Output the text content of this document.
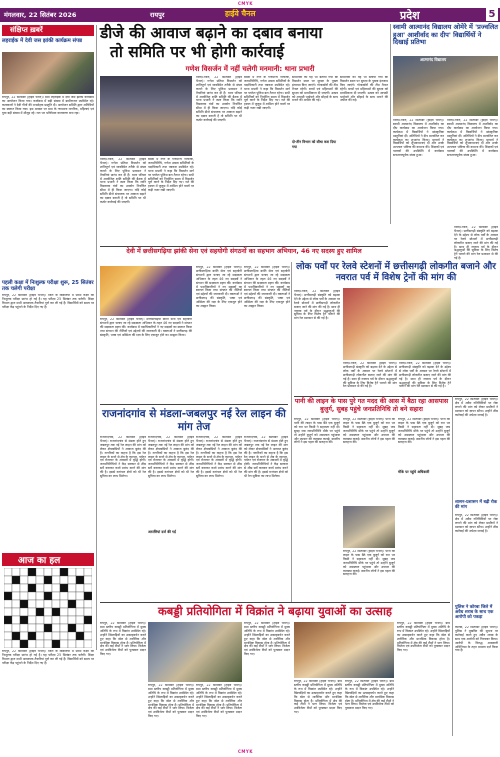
CMYK
मंगलवार, 22 सितंबर 2026	रायपुर	हाईवे चैनल	प्रदेश	5
संक्षिप्त ख़बरें
लहराईक में देवी जस झांकी कार्यक्रम संपन्न
रायपुर, 22 सितम्बर (हाईवे चैनल)। ग्राम लहराईक में देवी जस झांकी कार्यक्रम का आयोजन किया गया। कार्यक्रम में बड़ी संख्या में ग्रामीणजन उपस्थित रहे। कलाकारों ने देवी गीतों की मनमोहक प्रस्तुति दी। आयोजन समिति द्वारा अतिथियों का स्वागत किया गया। इस अवसर पर ग्राम के गणमान्य नागरिक, महिलाएं एवं युवा बड़ी संख्या में मौजूद रहे। रात भर भक्तिमय वातावरण बना रहा।
पहली कक्षा में निःशुल्क परीक्षा शुरू, 25 सितंबर तक चलेगी परीक्षा
रायपुर, 22 सितम्बर (हाईवे चैनल)। जिले के विद्यालयों में प्रथम कक्षा की निःशुल्क परीक्षा प्रारंभ हो गई है। यह परीक्षा 25 सितंबर तक चलेगी। शिक्षा विभाग द्वारा सभी आवश्यक तैयारियां पूर्ण कर ली गई हैं। विद्यार्थियों को समय पर परीक्षा केंद्र पहुंचने के निर्देश दिए गए हैं।
आज का हल
डीजे की आवाज बढ़ाने का दबाव बनाया
तो समिति पर भी होगी कार्रवाई
गणेश विसर्जन में नहीं चलेगी मनमानी: थाना प्रभारी
तिल्दा-नेवरा, 22 सितम्बर (हाईवे चैनल)। गणेश प्रतिमा विसर्जन को शांतिपूर्ण एवं व्यवस्थित तरीके से संपन्न कराने के लिए पुलिस प्रशासन ने तैयारियां प्रारंभ कर दी हैं। थाना परिसर में आयोजित शांति समिति की बैठक में थाना प्रभारी ने स्पष्ट किया कि ध्वनि विस्तारक यंत्रों का उपयोग निर्धारित सीमा में ही किया जाएगा। यदि कोई समिति डीजे संचालक पर आवाज बढ़ाने का दबाव बनाती है तो समिति पर भी कठोर कार्रवाई की जाएगी।
बैठक में नगर के गणमान्य नागरिक, जनप्रतिनिधि, गणेश उत्सव समितियों के पदाधिकारी तथा पत्रकार उपस्थित रहे। थाना प्रभारी ने कहा कि विसर्जन मार्ग पर पर्याप्त पुलिस बल तैनात रहेगा। सभी समितियों को निर्धारित समय में विसर्जन पूर्ण करने के निर्देश दिए गए। नशे की हालत में जुलूस में शामिल होने वालों पर कड़ी नजर रखी जाएगी।
तिल्दा-नेवरा, 22 सितम्बर (हाईवे चैनल)। गणेश प्रतिमा विसर्जन को शांतिपूर्ण एवं व्यवस्थित तरीके से संपन्न कराने के लिए पुलिस प्रशासन ने तैयारियां प्रारंभ कर दी हैं। थाना परिसर में आयोजित शांति समिति की बैठक में थाना प्रभारी ने स्पष्ट किया कि ध्वनि विस्तारक यंत्रों का उपयोग निर्धारित सीमा में ही किया जाएगा। यदि कोई समिति डीजे संचालक पर आवाज बढ़ाने का दबाव बनाती है तो समिति पर भी कठोर कार्रवाई की जाएगी।
बैठक में नगर के गणमान्य नागरिक, जनप्रतिनिधि, गणेश उत्सव समितियों के पदाधिकारी तथा पत्रकार उपस्थित रहे। थाना प्रभारी ने कहा कि विसर्जन मार्ग पर पर्याप्त पुलिस बल तैनात रहेगा। सभी समितियों को निर्धारित समय में विसर्जन पूर्ण करने के निर्देश दिए गए। नशे की हालत में जुलूस में शामिल होने वालों पर कड़ी नजर रखी जाएगी।
समितियों को यह भी बताया गया कि विसर्जन स्थल पर सुरक्षा के पुख्ता इंतजाम किए जाएंगे। गोताखोरों की टीम तैनात रहेगी। बच्चों एवं महिलाओं की सुरक्षा को प्राथमिकता दी जाएगी। उत्सव को आपसी भाईचारे और सौहार्द के साथ मनाने की अपील की गई।
समितियों को यह भी बताया गया कि विसर्जन स्थल पर सुरक्षा के पुख्ता इंतजाम किए जाएंगे। गोताखोरों की टीम तैनात रहेगी। बच्चों एवं महिलाओं की सुरक्षा को प्राथमिकता दी जाएगी। उत्सव को आपसी भाईचारे और सौहार्द के साथ मनाने की अपील की गई।
दो-तीन विभाग को सीधा करा दिया गया
स्वामी आत्मानंद विद्यालय ओमेरे में 'प्रज्वलित हुआ' आशीर्वाद का दीप' विद्यार्थियों ने दिखाई प्रतिभा
आत्मानंद विद्यालय
तिल्दा-नेवरा, 22 सितम्बर (हाईवे चैनल)। स्वामी आत्मानंद विद्यालय में आशीर्वाद का दीप कार्यक्रम का आयोजन किया गया। कार्यक्रम में विद्यार्थियों ने सांस्कृतिक प्रस्तुतियां दीं। अतिथियों ने दीप प्रज्वलित कर कार्यक्रम का शुभारंभ किया। प्राचार्य ने विद्यार्थियों को शुभकामनाएं दीं और उनके उज्ज्वल भविष्य की कामना की। शिक्षकों एवं पालकों की उपस्थिति में कार्यक्रम सफलतापूर्वक संपन्न हुआ।
तिल्दा-नेवरा, 22 सितम्बर (हाईवे चैनल)। स्वामी आत्मानंद विद्यालय में आशीर्वाद का दीप कार्यक्रम का आयोजन किया गया। कार्यक्रम में विद्यार्थियों ने सांस्कृतिक प्रस्तुतियां दीं। अतिथियों ने दीप प्रज्वलित कर कार्यक्रम का शुभारंभ किया। प्राचार्य ने विद्यार्थियों को शुभकामनाएं दीं और उनके उज्ज्वल भविष्य की कामना की। शिक्षकों एवं पालकों की उपस्थिति में कार्यक्रम सफलतापूर्वक संपन्न हुआ।
देवी में छत्तीसगढ़िया झांकी सेना एवं सहयोगी संगठनों का सहभाग अभियान, 46 नए सदस्य हुए शामिल
रायपुर, 22 सितम्बर (हाईवे चैनल)। छत्तीसगढ़िया क्रांति सेना एवं सहयोगी संगठनों द्वारा चलाए जा रहे सदस्यता अभियान के तहत 46 नए सदस्यों ने संगठन की सदस्यता ग्रहण की। कार्यक्रम में पदाधिकारियों ने नए सदस्यों का स्वागत किया तथा संगठन की नीतियों एवं उद्देश्यों की जानकारी दी। वक्ताओं ने छत्तीसगढ़ की संस्कृति, भाषा एवं अस्मिता की रक्षा के लिए एकजुट होने का आह्वान किया।
रायपुर, 22 सितम्बर (हाईवे चैनल)। छत्तीसगढ़िया क्रांति सेना एवं सहयोगी संगठनों द्वारा चलाए जा रहे सदस्यता अभियान के तहत 46 नए सदस्यों ने संगठन की सदस्यता ग्रहण की। कार्यक्रम में पदाधिकारियों ने नए सदस्यों का स्वागत किया तथा संगठन की नीतियों एवं उद्देश्यों की जानकारी दी। वक्ताओं ने छत्तीसगढ़ की संस्कृति, भाषा एवं अस्मिता की रक्षा के लिए एकजुट होने का आह्वान किया।
रायपुर, 22 सितम्बर (हाईवे चैनल)। छत्तीसगढ़िया क्रांति सेना एवं सहयोगी संगठनों द्वारा चलाए जा रहे सदस्यता अभियान के तहत 46 नए सदस्यों ने संगठन की सदस्यता ग्रहण की। कार्यक्रम में पदाधिकारियों ने नए सदस्यों का स्वागत किया तथा संगठन की नीतियों एवं उद्देश्यों की जानकारी दी। वक्ताओं ने छत्तीसगढ़ की संस्कृति, भाषा एवं अस्मिता की रक्षा के लिए एकजुट होने का आह्वान किया।
राजनांदगांव से मंडला-जबलपुर नई रेल लाइन की मांग तेज
राजनांदगांव, 22 सितम्बर (हाईवे चैनल)। राजनांदगांव से मंडला होते हुए जबलपुर तक नई रेल लाइन की मांग को लेकर क्षेत्रवासियों ने आवाज बुलंद की है। नागरिकों का कहना है कि इस रेल लाइन के बनने से क्षेत्र के व्यापार, पर्यटन एवं रोजगार के अवसरों में वृद्धि होगी। जनप्रतिनिधियों ने केंद्र सरकार से शीघ्र सर्वे कराकर कार्य प्रारंभ करने की मांग की है। इससे वनांचल क्षेत्रों को भी रेल सुविधा का लाभ मिलेगा।
राजनांदगांव, 22 सितम्बर (हाईवे चैनल)। राजनांदगांव से मंडला होते हुए जबलपुर तक नई रेल लाइन की मांग को लेकर क्षेत्रवासियों ने आवाज बुलंद की है। नागरिकों का कहना है कि इस रेल लाइन के बनने से क्षेत्र के व्यापार, पर्यटन एवं रोजगार के अवसरों में वृद्धि होगी। जनप्रतिनिधियों ने केंद्र सरकार से शीघ्र सर्वे कराकर कार्य प्रारंभ करने की मांग की है। इससे वनांचल क्षेत्रों को भी रेल सुविधा का लाभ मिलेगा।
राजनांदगांव, 22 सितम्बर (हाईवे चैनल)। राजनांदगांव से मंडला होते हुए जबलपुर तक नई रेल लाइन की मांग को लेकर क्षेत्रवासियों ने आवाज बुलंद की है। नागरिकों का कहना है कि इस रेल लाइन के बनने से क्षेत्र के व्यापार, पर्यटन एवं रोजगार के अवसरों में वृद्धि होगी। जनप्रतिनिधियों ने केंद्र सरकार से शीघ्र सर्वे कराकर कार्य प्रारंभ करने की मांग की है। इससे वनांचल क्षेत्रों को भी रेल सुविधा का लाभ मिलेगा।
राजनांदगांव, 22 सितम्बर (हाईवे चैनल)। राजनांदगांव से मंडला होते हुए जबलपुर तक नई रेल लाइन की मांग को लेकर क्षेत्रवासियों ने आवाज बुलंद की है। नागरिकों का कहना है कि इस रेल लाइन के बनने से क्षेत्र के व्यापार, पर्यटन एवं रोजगार के अवसरों में वृद्धि होगी। जनप्रतिनिधियों ने केंद्र सरकार से शीघ्र सर्वे कराकर कार्य प्रारंभ करने की मांग की है। इससे वनांचल क्षेत्रों को भी रेल सुविधा का लाभ मिलेगा।
आपत्तियां दर्ज की गई
लोक पर्वों पर रेलवे स्टेशनों में छत्तीसगढ़ी लोकगीत बजाने और नवरात पर्व में विशेष ट्रेनों की मांग की
तिल्दा-नेवरा, 22 सितम्बर (हाईवे चैनल)। छत्तीसगढ़ी संस्कृति को बढ़ावा देने के उद्देश्य से लोक पर्वों के अवसर पर रेलवे स्टेशनों में छत्तीसगढ़ी लोकगीत बजाए जाने की मांग की गई है। साथ ही नवरात्र पर्व के दौरान श्रद्धालुओं की सुविधा के लिए विशेष ट्रेनें चलाने की मांग रेल प्रशासन से की गई है।
तिल्दा-नेवरा, 22 सितम्बर (हाईवे चैनल)। छत्तीसगढ़ी संस्कृति को बढ़ावा देने के उद्देश्य से लोक पर्वों के अवसर पर रेलवे स्टेशनों में छत्तीसगढ़ी लोकगीत बजाए जाने की मांग की गई है। साथ ही नवरात्र पर्व के दौरान श्रद्धालुओं की सुविधा के लिए विशेष ट्रेनें चलाने की मांग रेल प्रशासन से की गई है।
तिल्दा-नेवरा, 22 सितम्बर (हाईवे चैनल)। छत्तीसगढ़ी संस्कृति को बढ़ावा देने के उद्देश्य से लोक पर्वों के अवसर पर रेलवे स्टेशनों में छत्तीसगढ़ी लोकगीत बजाए जाने की मांग की गई है। साथ ही नवरात्र पर्व के दौरान श्रद्धालुओं की सुविधा के लिए विशेष ट्रेनें चलाने की मांग रेल प्रशासन से की गई है।
तिल्दा-नेवरा, 22 सितम्बर (हाईवे चैनल)। छत्तीसगढ़ी संस्कृति को बढ़ावा देने के उद्देश्य से लोक पर्वों के अवसर पर रेलवे स्टेशनों में छत्तीसगढ़ी लोकगीत बजाए जाने की मांग की गई है। साथ ही नवरात्र पर्व के दौरान श्रद्धालुओं की सुविधा के लिए विशेष ट्रेनें चलाने की मांग रेल प्रशासन से की गई है।
पानी की लाइन के पास पुरे गत मदद की आस में बैठा रहा आसपास बुजुर्ग, सुबह पहुंचे जनप्रतिनिधि तो बने सहारा
रायपुर, 22 सितम्बर (हाईवे चैनल)। पानी की लाइन के पास बैठे एक बुजुर्ग को रात भर किसी ने सहायता नहीं दी। सुबह जब जनप्रतिनिधि मौके पर पहुंचे तो उन्होंने बुजुर्ग को अस्पताल पहुंचाया और उपचार की व्यवस्था कराई। स्थानीय लोगों ने इस पहल की सराहना की।
रायपुर, 22 सितम्बर (हाईवे चैनल)। पानी की लाइन के पास बैठे एक बुजुर्ग को रात भर किसी ने सहायता नहीं दी। सुबह जब जनप्रतिनिधि मौके पर पहुंचे तो उन्होंने बुजुर्ग को अस्पताल पहुंचाया और उपचार की व्यवस्था कराई। स्थानीय लोगों ने इस पहल की सराहना की।
रायपुर, 22 सितम्बर (हाईवे चैनल)। पानी की लाइन के पास बैठे एक बुजुर्ग को रात भर किसी ने सहायता नहीं दी। सुबह जब जनप्रतिनिधि मौके पर पहुंचे तो उन्होंने बुजुर्ग को अस्पताल पहुंचाया और उपचार की व्यवस्था कराई। स्थानीय लोगों ने इस पहल की सराहना की।
रायपुर, 22 सितम्बर (हाईवे चैनल)। पानी की लाइन के पास बैठे एक बुजुर्ग को रात भर किसी ने सहायता नहीं दी। सुबह जब जनप्रतिनिधि मौके पर पहुंचे तो उन्होंने बुजुर्ग को अस्पताल पहुंचाया और उपचार की व्यवस्था कराई। स्थानीय लोगों ने इस पहल की सराहना की।
मौके पर पहुंचे अधिकारी
रायपुर, 22 सितम्बर (हाईवे चैनल)। क्षेत्र में अवैध गतिविधियों पर रोक लगाने की मांग को लेकर ग्रामीणों ने प्रशासन को ज्ञापन सौंपा। उन्होंने शीघ्र कार्रवाई की अपेक्षा जताई है।
शासन-प्रशासन में बढ़ी रोक की मांग
रायपुर, 22 सितम्बर (हाईवे चैनल)। क्षेत्र में अवैध गतिविधियों पर रोक लगाने की मांग को लेकर ग्रामीणों ने प्रशासन को ज्ञापन सौंपा। उन्होंने शीघ्र कार्रवाई की अपेक्षा जताई है।
पुलिस ने कोरबा जिले में अवैध शराब के साथ एक आरोपी को पकड़ा
कोरबा, 22 सितम्बर (हाईवे चैनल)। पुलिस ने मुखबिर की सूचना पर कार्रवाई करते हुए अवैध शराब के साथ एक आरोपी को गिरफ्तार किया। आरोपी के विरुद्ध आबकारी अधिनियम के तहत मामला दर्ज किया गया है।
कबड्डी प्रतियोगिता में विक्रांत ने बढ़ाया युवाओं का उत्साह
रायपुर, 22 सितम्बर (हाईवे चैनल)। ग्राम स्तरीय कबड्डी प्रतियोगिता में मुख्य अतिथि के रूप में विक्रांत उपस्थित रहे। उन्होंने खिलाड़ियों का उत्साहवर्धन करते हुए कहा कि खेल से शारीरिक और मानसिक विकास होता है। प्रतियोगिता में क्षेत्र की कई टीमों ने भाग लिया। विजेता एवं उपविजेता टीमों को पुरस्कार प्रदान किए गए।
रायपुर, 22 सितम्बर (हाईवे चैनल)। ग्राम स्तरीय कबड्डी प्रतियोगिता में मुख्य अतिथि के रूप में विक्रांत उपस्थित रहे। उन्होंने खिलाड़ियों का उत्साहवर्धन करते हुए कहा कि खेल से शारीरिक और मानसिक विकास होता है। प्रतियोगिता में क्षेत्र की कई टीमों ने भाग लिया। विजेता एवं उपविजेता टीमों को पुरस्कार प्रदान किए गए।
रायपुर, 22 सितम्बर (हाईवे चैनल)। ग्राम स्तरीय कबड्डी प्रतियोगिता में मुख्य अतिथि के रूप में विक्रांत उपस्थित रहे। उन्होंने खिलाड़ियों का उत्साहवर्धन करते हुए कहा कि खेल से शारीरिक और मानसिक विकास होता है। प्रतियोगिता में क्षेत्र की कई टीमों ने भाग लिया। विजेता एवं उपविजेता टीमों को पुरस्कार प्रदान किए गए।
रायपुर, 22 सितम्बर (हाईवे चैनल)। ग्राम स्तरीय कबड्डी प्रतियोगिता में मुख्य अतिथि के रूप में विक्रांत उपस्थित रहे। उन्होंने खिलाड़ियों का उत्साहवर्धन करते हुए कहा कि खेल से शारीरिक और मानसिक विकास होता है। प्रतियोगिता में क्षेत्र की कई टीमों ने भाग लिया। विजेता एवं उपविजेता टीमों को पुरस्कार प्रदान किए गए।
रायपुर, 22 सितम्बर (हाईवे चैनल)। ग्राम स्तरीय कबड्डी प्रतियोगिता में मुख्य अतिथि के रूप में विक्रांत उपस्थित रहे। उन्होंने खिलाड़ियों का उत्साहवर्धन करते हुए कहा कि खेल से शारीरिक और मानसिक विकास होता है। प्रतियोगिता में क्षेत्र की कई टीमों ने भाग लिया। विजेता एवं उपविजेता टीमों को पुरस्कार प्रदान किए गए।
रायपुर, 22 सितम्बर (हाईवे चैनल)। ग्राम स्तरीय कबड्डी प्रतियोगिता में मुख्य अतिथि के रूप में विक्रांत उपस्थित रहे। उन्होंने खिलाड़ियों का उत्साहवर्धन करते हुए कहा कि खेल से शारीरिक और मानसिक विकास होता है। प्रतियोगिता में क्षेत्र की कई टीमों ने भाग लिया। विजेता एवं उपविजेता टीमों को पुरस्कार प्रदान किए गए।
रायपुर, 22 सितम्बर (हाईवे चैनल)। ग्राम स्तरीय कबड्डी प्रतियोगिता में मुख्य अतिथि के रूप में विक्रांत उपस्थित रहे। उन्होंने खिलाड़ियों का उत्साहवर्धन करते हुए कहा कि खेल से शारीरिक और मानसिक विकास होता है। प्रतियोगिता में क्षेत्र की कई टीमों ने भाग लिया। विजेता एवं उपविजेता टीमों को पुरस्कार प्रदान किए गए।
रायपुर, 22 सितम्बर (हाईवे चैनल)। जिले के विद्यालयों में प्रथम कक्षा की निःशुल्क परीक्षा प्रारंभ हो गई है। यह परीक्षा 25 सितंबर तक चलेगी। शिक्षा विभाग द्वारा सभी आवश्यक तैयारियां पूर्ण कर ली गई हैं। विद्यार्थियों को समय पर परीक्षा केंद्र पहुंचने के निर्देश दिए गए हैं।
CMYK
